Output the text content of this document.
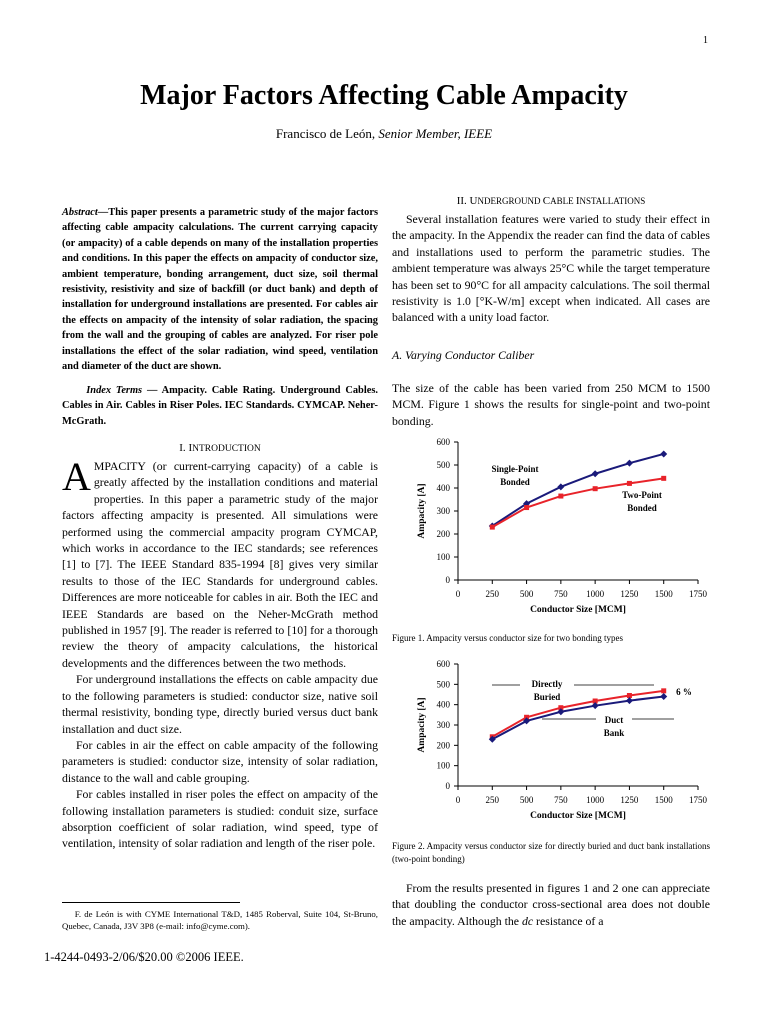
1
Major Factors Affecting Cable Ampacity
Francisco de León, Senior Member, IEEE
Abstract—This paper presents a parametric study of the major factors affecting cable ampacity calculations. The current carrying capacity (or ampacity) of a cable depends on many of the installation properties and conditions. In this paper the effects on ampacity of conductor size, ambient temperature, bonding arrangement, duct size, soil thermal resistivity, resistivity and size of backfill (or duct bank) and depth of installation for underground installations are presented. For cables air the effects on ampacity of the intensity of solar radiation, the spacing from the wall and the grouping of cables are analyzed. For riser pole installations the effect of the solar radiation, wind speed, ventilation and diameter of the duct are shown.
Index Terms — Ampacity. Cable Rating. Underground Cables. Cables in Air. Cables in Riser Poles. IEC Standards. CYMCAP. Neher-McGrath.
I. INTRODUCTION

AMPACITY (or current-carrying capacity) of a cable is greatly affected by the installation conditions and material properties. In this paper a parametric study of the major factors affecting ampacity is presented. All simulations were performed using the commercial ampacity program CYMCAP, which works in accordance to the IEC standards; see references [1] to [7]. The IEEE Standard 835-1994 [8] gives very similar results to those of the IEC Standards for underground cables. Differences are more noticeable for cables in air. Both the IEC and IEEE Standards are based on the Neher-McGrath method published in 1957 [9]. The reader is referred to [10] for a thorough review the theory of ampacity calculations, the historical developments and the differences between the two methods.

For underground installations the effects on cable ampacity due to the following parameters is studied: conductor size, native soil thermal resistivity, bonding type, directly buried versus duct bank installation and duct size.

For cables in air the effect on cable ampacity of the following parameters is studied: conductor size, intensity of solar radiation, distance to the wall and cable grouping.

For cables installed in riser poles the effect on ampacity of the following installation parameters is studied: conduit size, surface absorption coefficient of solar radiation, wind speed, type of ventilation, intensity of solar radiation and length of the riser pole.

F. de León is with CYME International T&D, 1485 Roberval, Suite 104, St-Bruno, Quebec, Canada, J3V 3P8 (e-mail: info@cyme.com).
1-4244-0493-2/06/$20.00 ©2006 IEEE.
II. UNDERGROUND CABLE INSTALLATIONS

Several installation features were varied to study their effect in the ampacity. In the Appendix the reader can find the data of cables and installations used to perform the parametric studies. The ambient temperature was always 25°C while the target temperature has been set to 90°C for all ampacity calculations. The soil thermal resistivity is 1.0 [°K-W/m] except when indicated. All cases are balanced with a unity load factor.

A. Varying Conductor Caliber

The size of the cable has been varied from 250 MCM to 1500 MCM. Figure 1 shows the results for single-point and two-point bonding.

0
100
200
300
400
500
600
0	250 500 750 1000 1250 1500 1750
Conductor Size [MCM]
Ampacity [A]
Single-Point
Bonded
Two-Point
Bonded
Figure 1. Ampacity versus conductor size for two bonding types
0
100
200
300
400
500
600
0	250 500 750 1000 1250 1500 1750
Conductor Size [MCM]
Ampacity [A]
Directly
Buried
Duct
Bank
6 %
Figure 2. Ampacity versus conductor size for directly buried and duct bank installations (two-point bonding)

From the results presented in figures 1 and 2 one can appreciate that doubling the conductor cross-sectional area does not double the ampacity. Although the dc resistance of a
